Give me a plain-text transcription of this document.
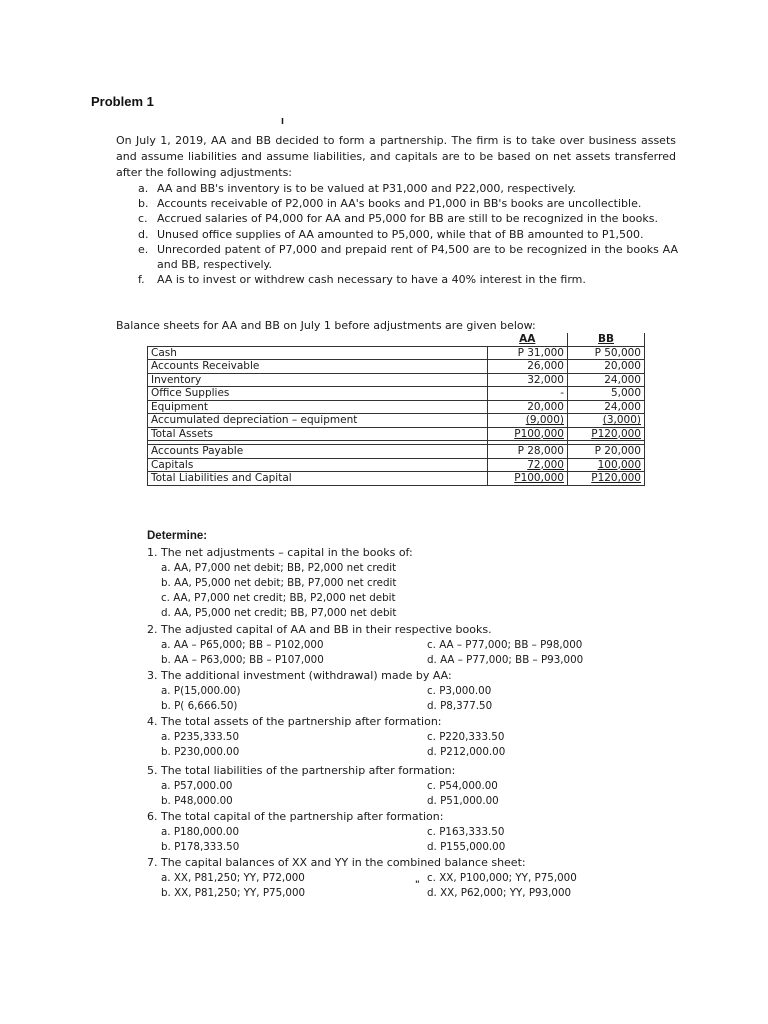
Problem 1
I
On July 1, 2019, AA and BB decided to form a partnership. The firm is to take over business assets and assume liabilities and assume liabilities, and capitals are to be based on net assets transferred after the following adjustments:
a. AA and BB's inventory is to be valued at P31,000 and P22,000, respectively.
b. Accounts receivable of P2,000 in AA's books and P1,000 in BB's books are uncollectible.
c. Accrued salaries of P4,000 for AA and P5,000 for BB are still to be recognized in the books.
d. Unused office supplies of AA amounted to P5,000, while that of BB amounted to P1,500.
e. Unrecorded patent of P7,000 and prepaid rent of P4,500 are to be recognized in the books AA and BB, respectively.
f. AA is to invest or withdrew cash necessary to have a 40% interest in the firm.
Balance sheets for AA and BB on July 1 before adjustments are given below:
	AA	BB
Cash	P 31,000	P 50,000
Accounts Receivable	26,000	20,000
Inventory	32,000	24,000
Office Supplies	-	5,000
Equipment	20,000	24,000
Accumulated depreciation – equipment	(9,000)	(3,000)
Total Assets	P100,000	P120,000

Accounts Payable	P 28,000	P 20,000
Capitals	72,000	100,000
Total Liabilities and Capital	P100,000	P120,000
Determine:
1. The net adjustments – capital in the books of:
a. AA, P7,000 net debit; BB, P2,000 net credit
b. AA, P5,000 net debit; BB, P7,000 net credit
c. AA, P7,000 net credit; BB, P2,000 net debit
d. AA, P5,000 net credit; BB, P7,000 net debit
2. The adjusted capital of AA and BB in their respective books.
a. AA – P65,000; BB – P102,000
b. AA – P63,000; BB – P107,000
c. AA – P77,000; BB – P98,000
d. AA – P77,000; BB – P93,000
3. The additional investment (withdrawal) made by AA:
a. P(15,000.00)
b. P( 6,666.50)
c. P3,000.00
d. P8,377.50
4. The total assets of the partnership after formation:
a. P235,333.50
b. P230,000.00
c. P220,333.50
d. P212,000.00
5. The total liabilities of the partnership after formation:
a. P57,000.00
b. P48,000.00
c. P54,000.00
d. P51,000.00
6. The total capital of the partnership after formation:
a. P180,000.00
b. P178,333.50
c. P163,333.50
d. P155,000.00
7. The capital balances of XX and YY in the combined balance sheet:
a. XX, P81,250; YY, P72,000
b. XX, P81,250; YY, P75,000
c. XX, P100,000; YY, P75,000
d. XX, P62,000; YY, P93,000
"
